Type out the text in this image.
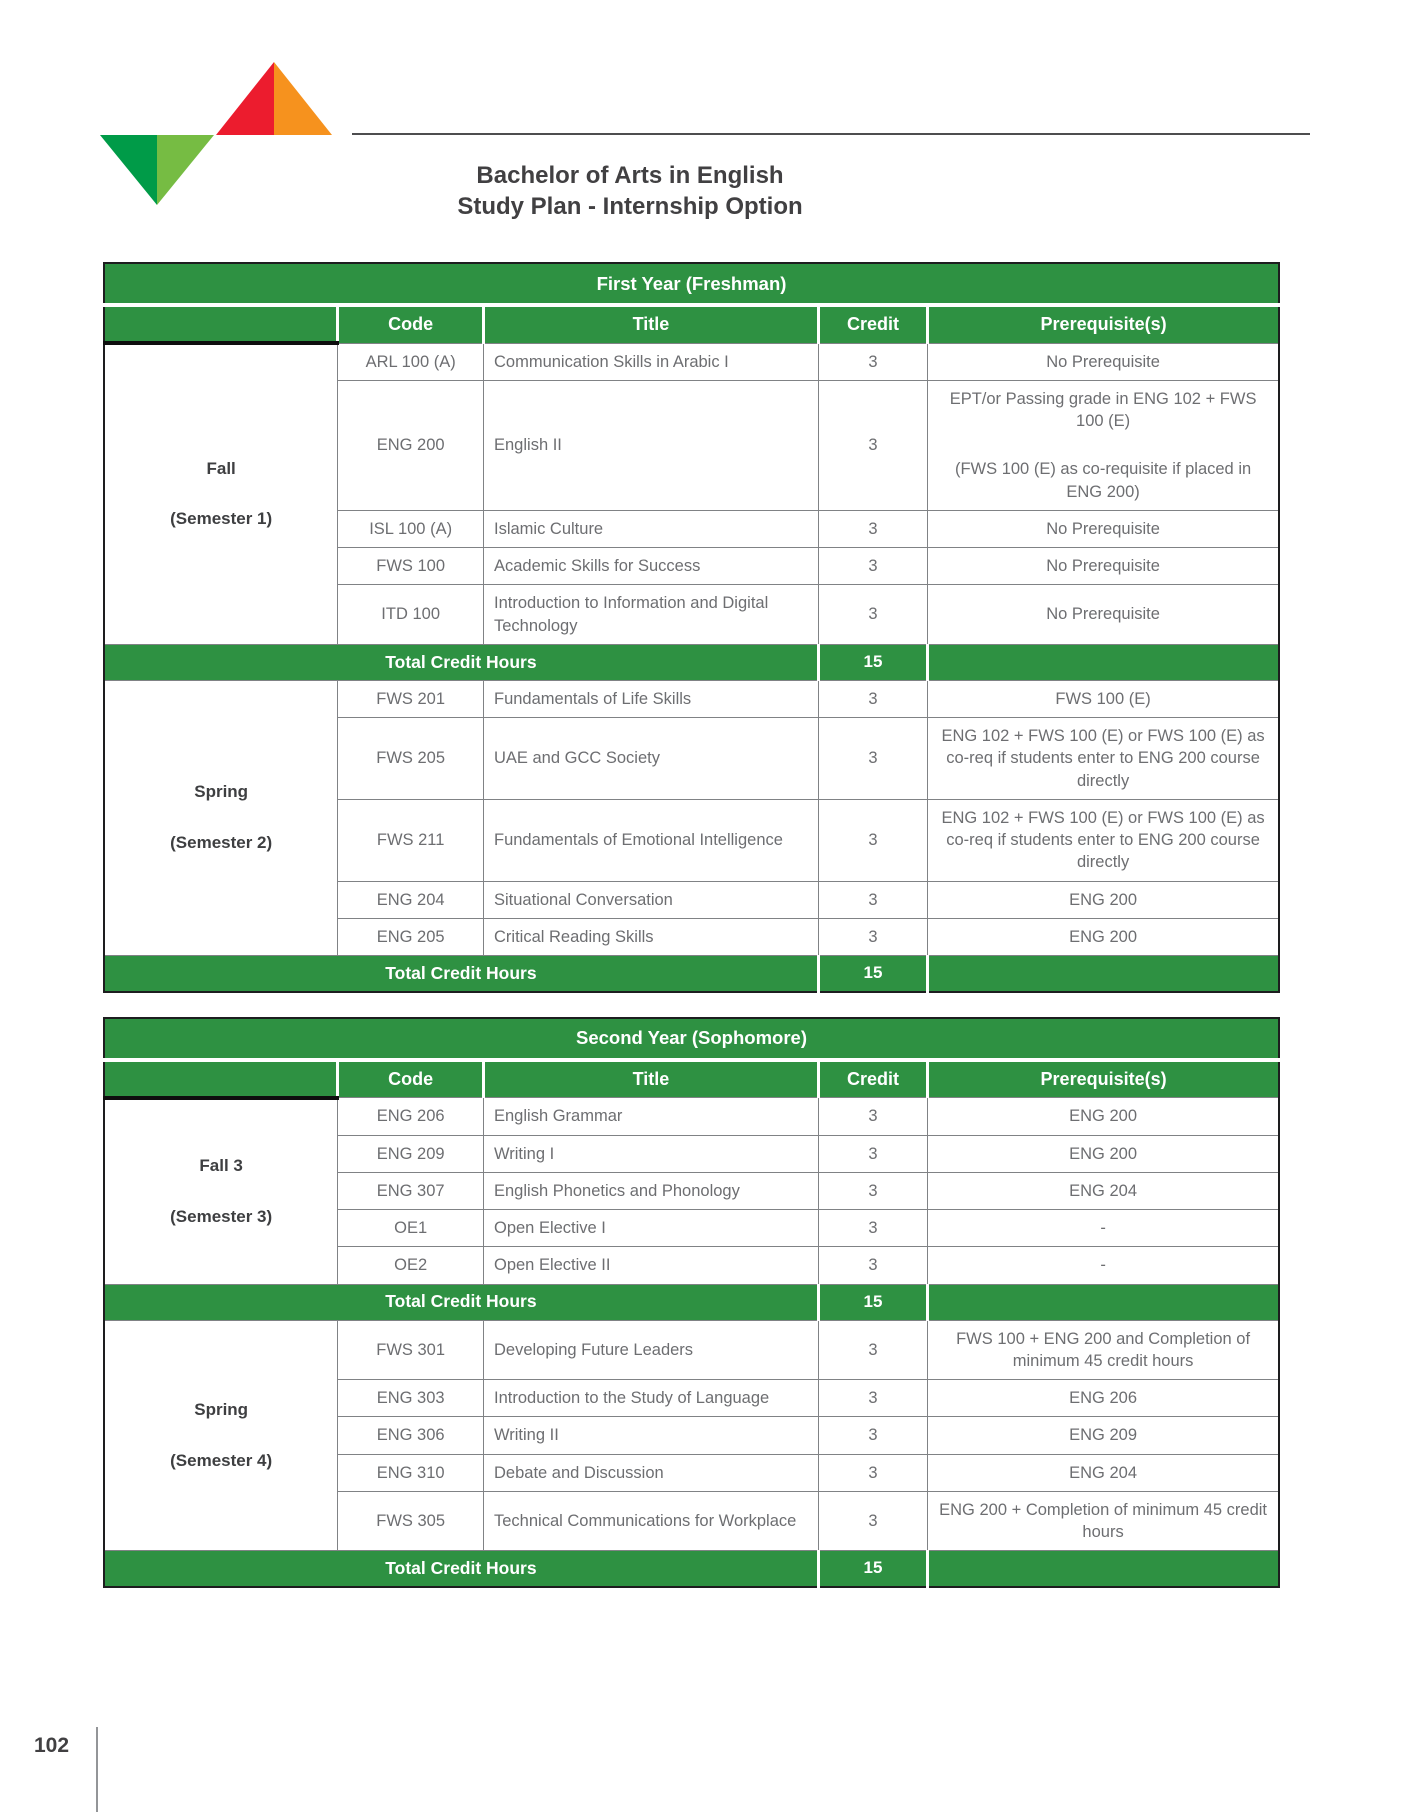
Bachelor of Arts in English
Study Plan - Internship Option
First Year (Freshman)				
	Code	Title	Credit	Prerequisite(s)

Fall
(Semester 1)	ARL 100 (A)	Communication Skills in Arabic I	3	No Prerequisite

	ENG 200	English II	3	EPT/or Passing grade in ENG 102 + FWS 100 (E)
(FWS 100 (E) as co-requisite if placed in ENG 200)

	ISL 100 (A)	Islamic Culture	3	No Prerequisite

	FWS 100	Academic Skills for Success	3	No Prerequisite

	ITD 100	Introduction to Information and Digital Technology	3	No Prerequisite

Total Credit Hours			15	

Spring
(Semester 2)	FWS 201	Fundamentals of Life Skills	3	FWS 100 (E)

	FWS 205	UAE and GCC Society	3	ENG 102 + FWS 100 (E) or FWS 100 (E) as co-req if students enter to ENG 200 course directly

	FWS 211	Fundamentals of Emotional Intelligence	3	ENG 102 + FWS 100 (E) or FWS 100 (E) as co-req if students enter to ENG 200 course directly

	ENG 204	Situational Conversation	3	ENG 200

	ENG 205	Critical Reading Skills	3	ENG 200

Total Credit Hours			15	
Second Year (Sophomore)				
	Code	Title	Credit	Prerequisite(s)

Fall 3
(Semester 3)	ENG 206	English Grammar	3	ENG 200

	ENG 209	Writing I	3	ENG 200

	ENG 307	English Phonetics and Phonology	3	ENG 204

	OE1	Open Elective I	3	-

	OE2	Open Elective II	3	-

Total Credit Hours			15	

Spring
(Semester 4)	FWS 301	Developing Future Leaders	3	FWS 100 + ENG 200 and Completion of minimum 45 credit hours

	ENG 303	Introduction to the Study of Language	3	ENG 206

	ENG 306	Writing II	3	ENG 209

	ENG 310	Debate and Discussion	3	ENG 204

	FWS 305	Technical Communications for Workplace	3	ENG 200 + Completion of minimum 45 credit hours

Total Credit Hours			15	
102
